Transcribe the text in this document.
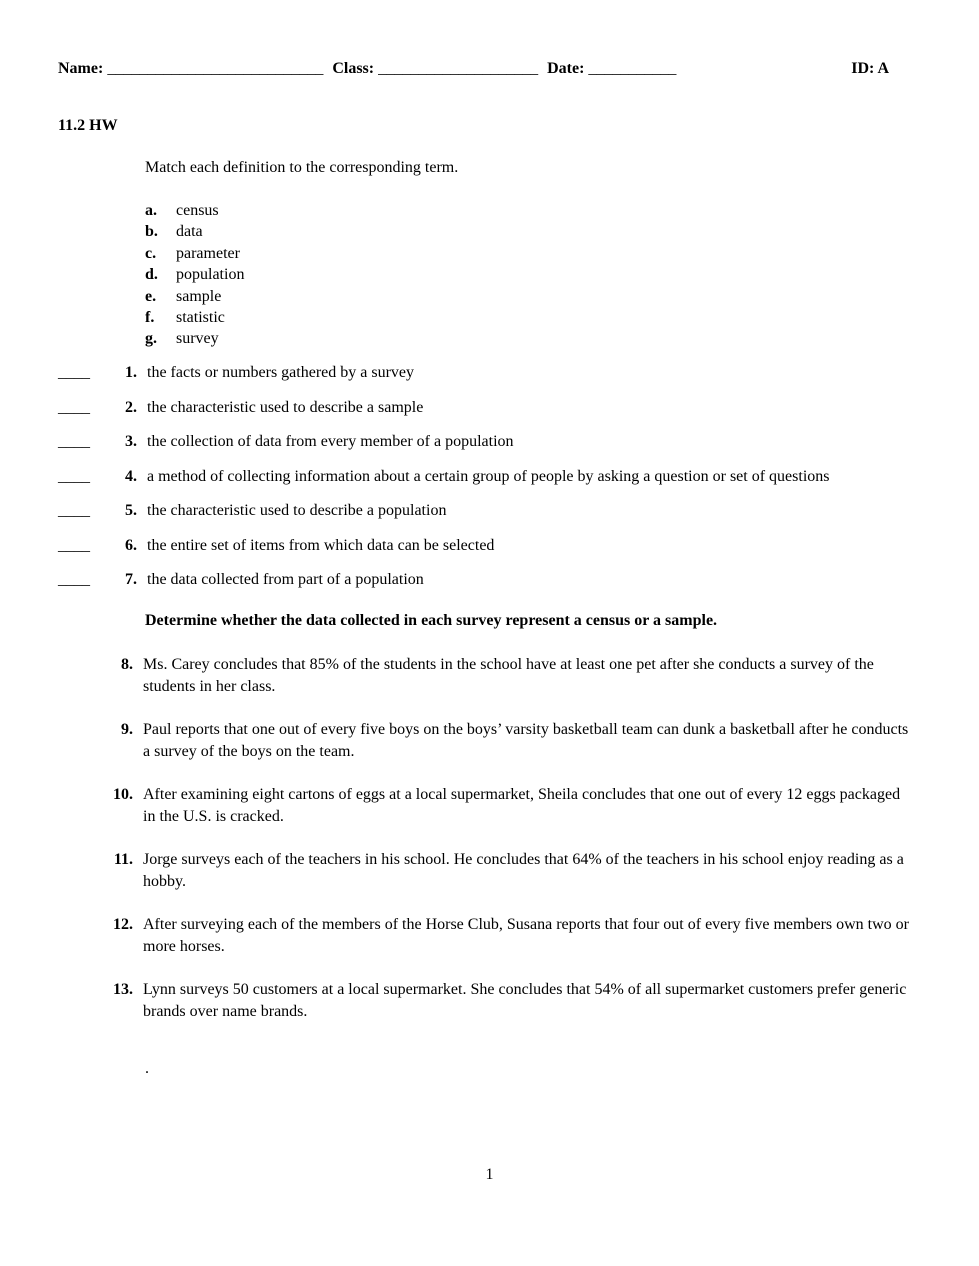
Name: ___________________________ Class: ____________________ Date: ___________	ID: A
11.2 HW
Match each definition to the corresponding term.
a.	census
b.	data
c.	parameter
d.	population
e.	sample
f.	statistic
g.	survey
____	1. the facts or numbers gathered by a survey
____	2. the characteristic used to describe a sample
____	3. the collection of data from every member of a population
____	4. a method of collecting information about a certain group of people by asking a question or set of questions
____	5. the characteristic used to describe a population
____	6. the entire set of items from which data can be selected
____	7. the data collected from part of a population
Determine whether the data collected in each survey represent a census or a sample.
8. Ms. Carey concludes that 85% of the students in the school have at least one pet after she conducts a survey of the students in her class.
9. Paul reports that one out of every five boys on the boys’ varsity basketball team can dunk a basketball after he conducts a survey of the boys on the team.
10. After examining eight cartons of eggs at a local supermarket, Sheila concludes that one out of every 12 eggs packaged in the U.S. is cracked.
11. Jorge surveys each of the teachers in his school. He concludes that 64% of the teachers in his school enjoy reading as a hobby.
12. After surveying each of the members of the Horse Club, Susana reports that four out of every five members own two or more horses.
13. Lynn surveys 50 customers at a local supermarket. She concludes that 54% of all supermarket customers prefer generic brands over name brands.
.
1
